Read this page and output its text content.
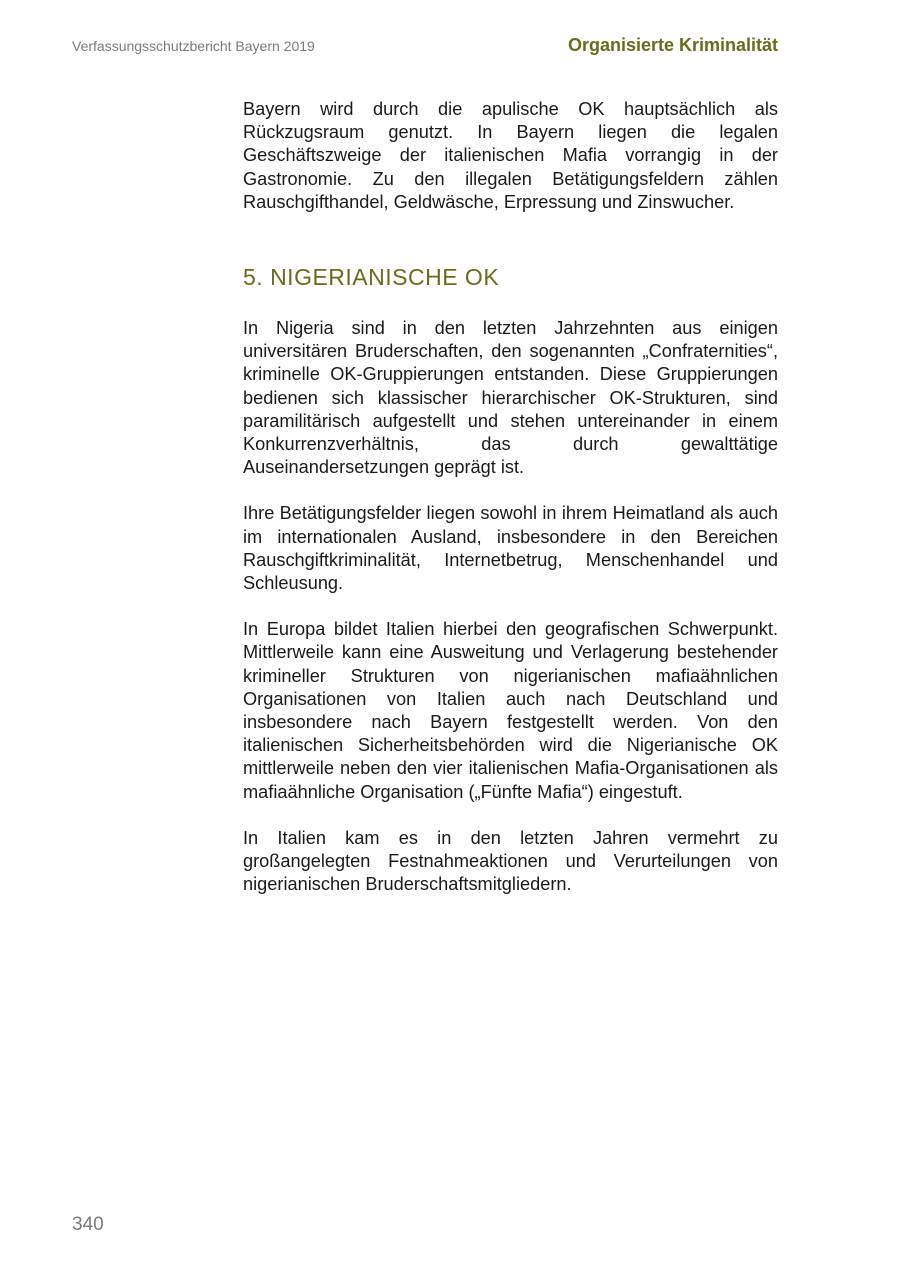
Verfassungsschutzbericht Bayern 2019	Organisierte Kriminalität

Bayern wird durch die apulische OK hauptsächlich als Rückzugsraum genutzt. In Bayern liegen die legalen Geschäftszweige der italienischen Mafia vorrangig in der Gastronomie. Zu den illegalen Betätigungsfeldern zählen Rauschgifthandel, Geldwäsche, Erpressung und Zinswucher.

5. NIGERIANISCHE OK

In Nigeria sind in den letzten Jahrzehnten aus einigen universitären Bruderschaften, den sogenannten „Confraternities“, kriminelle OK-Gruppierungen entstanden. Diese Gruppierungen bedienen sich klassischer hierarchischer OK-Strukturen, sind paramilitärisch aufgestellt und stehen untereinander in einem Konkurrenzverhältnis, das durch gewalttätige Auseinandersetzungen geprägt ist.

Ihre Betätigungsfelder liegen sowohl in ihrem Heimatland als auch im internationalen Ausland, insbesondere in den Bereichen Rauschgiftkriminalität, Internetbetrug, Menschenhandel und Schleusung.

In Europa bildet Italien hierbei den geografischen Schwerpunkt. Mittlerweile kann eine Ausweitung und Verlagerung bestehender krimineller Strukturen von nigerianischen mafiaähnlichen Organisationen von Italien auch nach Deutschland und insbesondere nach Bayern festgestellt werden. Von den italienischen Sicherheitsbehörden wird die Nigerianische OK mittlerweile neben den vier italienischen Mafia-Organisationen als mafiaähnliche Organisation („Fünfte Mafia“) eingestuft.

In Italien kam es in den letzten Jahren vermehrt zu großangelegten Festnahmeaktionen und Verurteilungen von nigerianischen Bruderschaftsmitgliedern.

340
